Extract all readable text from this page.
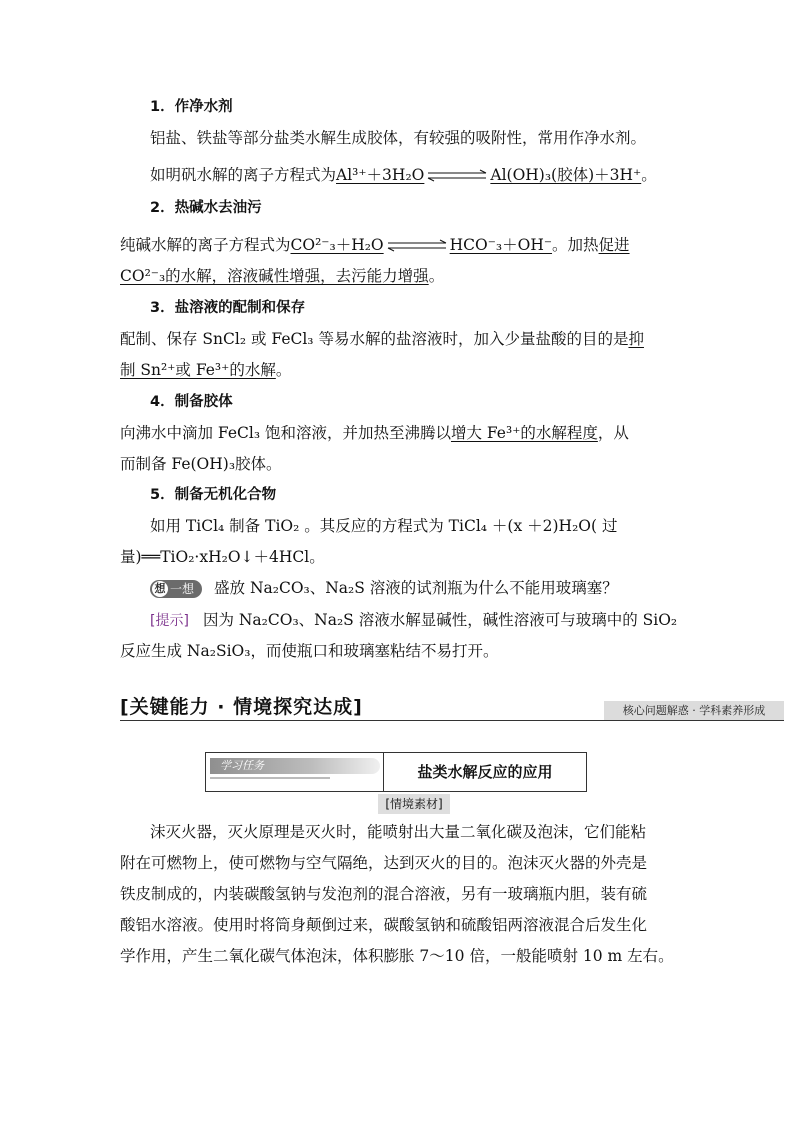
1．作净水剂
铝盐、铁盐等部分盐类水解生成胶体，有较强的吸附性，常用作净水剂。
如明矾水解的离子方程式为Al³⁺＋3H₂O ⇌ Al(OH)₃(胶体)＋3H⁺。
2．热碱水去油污
纯碱水解的离子方程式为CO²⁻₃＋H₂O ⇌ HCO⁻₃＋OH⁻。加热促进
CO²⁻₃的水解，溶液碱性增强，去污能力增强。
3．盐溶液的配制和保存
配制、保存 SnCl₂ 或 FeCl₃ 等易水解的盐溶液时，加入少量盐酸的目的是抑
制 Sn²⁺或 Fe³⁺的水解。
4．制备胶体
向沸水中滴加 FeCl₃ 饱和溶液，并加热至沸腾以增大 Fe³⁺的水解程度，从
而制备 Fe(OH)₃胶体。
5．制备无机化合物
如用 TiCl₄ 制备 TiO₂ 。其反应的方程式为 TiCl₄ ＋(x ＋2)H₂O( 过
量)══TiO₂·xH₂O↓＋4HCl。
想 一想 盛放 Na₂CO₃、Na₂S 溶液的试剂瓶为什么不能用玻璃塞？
[提示] 因为 Na₂CO₃、Na₂S 溶液水解显碱性，碱性溶液可与玻璃中的 SiO₂
反应生成 Na₂SiO₃，而使瓶口和玻璃塞粘结不易打开。
[关键能力 · 情境探究达成]	核心问题解惑 · 学科素养形成
学习任务	盐类水解反应的应用
[情境素材]
沫灭火器，灭火原理是灭火时，能喷射出大量二氧化碳及泡沫，它们能粘
附在可燃物上，使可燃物与空气隔绝，达到灭火的目的。泡沫灭火器的外壳是
铁皮制成的，内装碳酸氢钠与发泡剂的混合溶液，另有一玻璃瓶内胆，装有硫
酸铝水溶液。使用时将筒身颠倒过来，碳酸氢钠和硫酸铝两溶液混合后发生化
学作用，产生二氧化碳气体泡沫，体积膨胀 7～10 倍，一般能喷射 10 m 左右。
